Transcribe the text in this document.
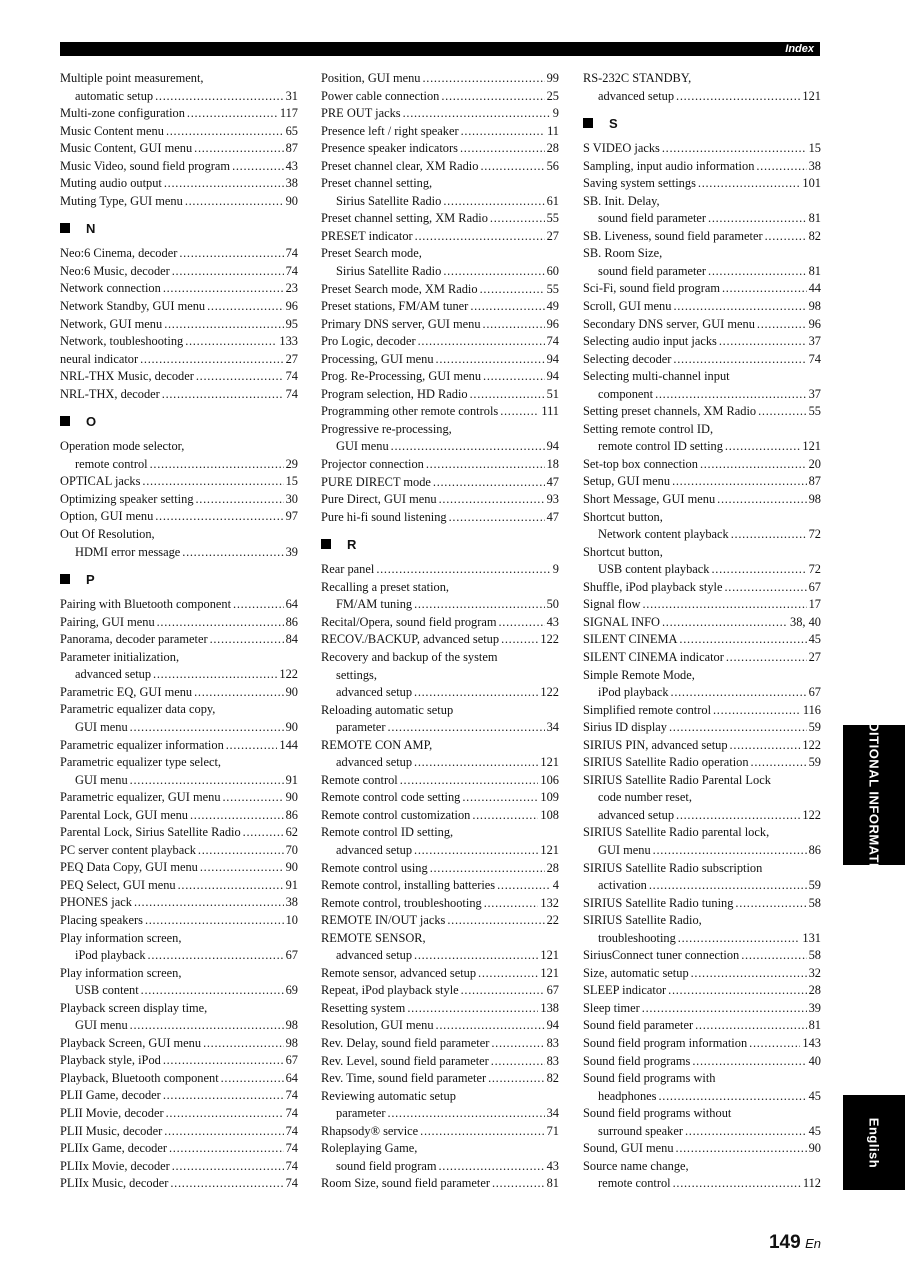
Index
Multiple point measurement,
automatic setup . . .	31
Multi-zone configuration . . .	117
Music Content menu . . .	65
Music Content, GUI menu . . .	87
Music Video, sound field program . . .	43
Muting audio output . . .	38
Muting Type, GUI menu . . .	90
N
Neo:6 Cinema, decoder . . .	74
Neo:6 Music, decoder . . .	74
Network connection . . .	23
Network Standby, GUI menu . . .	96
Network, GUI menu . . .	95
Network, toubleshooting . . .	133
neural indicator . . .	27
NRL-THX Music, decoder . . .	74
NRL-THX, decoder . . .	74
O
Operation mode selector,
remote control . . .	29
OPTICAL jacks . . .	15
Optimizing speaker setting . . .	30
Option, GUI menu . . .	97
Out Of Resolution,
HDMI error message . . .	39
P
Pairing with Bluetooth component . . .	64
Pairing, GUI menu . . .	86
Panorama, decoder parameter . . .	84
Parameter initialization,
advanced setup . . .	122
Parametric EQ, GUI menu . . .	90
Parametric equalizer data copy,
GUI menu . . .	90
Parametric equalizer information . . .	144
Parametric equalizer type select,
GUI menu . . .	91
Parametric equalizer, GUI menu . . .	90
Parental Lock, GUI menu . . .	86
Parental Lock, Sirius Satellite Radio . . .	62
PC server content playback . . .	70
PEQ Data Copy, GUI menu . . .	90
PEQ Select, GUI menu . . .	91
PHONES jack . . .	38
Placing speakers . . .	10
Play information screen,
iPod playback . . .	67
Play information screen,
USB content . . .	69
Playback screen display time,
GUI menu . . .	98
Playback Screen, GUI menu . . .	98
Playback style, iPod . . .	67
Playback, Bluetooth component . . .	64
PLII Game, decoder . . .	74
PLII Movie, decoder . . .	74
PLII Music, decoder . . .	74
PLIIx Game, decoder . . .	74
PLIIx Movie, decoder . . .	74
PLIIx Music, decoder . . .	74
Position, GUI menu . . .	99
Power cable connection . . .	25
PRE OUT jacks . . .	9
Presence left / right speaker . . .	11
Presence speaker indicators . . .	28
Preset channel clear, XM Radio . . .	56
Preset channel setting,
Sirius Satellite Radio . . .	61
Preset channel setting, XM Radio . . .	55
PRESET indicator . . .	27
Preset Search mode,
Sirius Satellite Radio . . .	60
Preset Search mode, XM Radio . . .	55
Preset stations, FM/AM tuner . . .	49
Primary DNS server, GUI menu . . .	96
Pro Logic, decoder . . .	74
Processing, GUI menu . . .	94
Prog. Re-Processing, GUI menu . . .	94
Program selection, HD Radio . . .	51
Programming other remote controls . . .	111
Progressive re-processing,
GUI menu . . .	94
Projector connection . . .	18
PURE DIRECT mode . . .	47
Pure Direct, GUI menu . . .	93
Pure hi-fi sound listening . . .	47
R
Rear panel . . .	9
Recalling a preset station,
FM/AM tuning . . .	50
Recital/Opera, sound field program . . .	43
RECOV./BACKUP, advanced setup . . .	122
Recovery and backup of the system
settings,
advanced setup . . .	122
Reloading automatic setup
parameter . . .	34
REMOTE CON AMP,
advanced setup . . .	121
Remote control . . .	106
Remote control code setting . . .	109
Remote control customization . . .	108
Remote control ID setting,
advanced setup . . .	121
Remote control using . . .	28
Remote control, installing batteries . . .	4
Remote control, troubleshooting . . .	132
REMOTE IN/OUT jacks . . .	22
REMOTE SENSOR,
advanced setup . . .	121
Remote sensor, advanced setup . . .	121
Repeat, iPod playback style . . .	67
Resetting system . . .	138
Resolution, GUI menu . . .	94
Rev. Delay, sound field parameter . . .	83
Rev. Level, sound field parameter . . .	83
Rev. Time, sound field parameter . . .	82
Reviewing automatic setup
parameter . . .	34
Rhapsody® service . . .	71
Roleplaying Game,
sound field program . . .	43
Room Size, sound field parameter . . .	81
RS-232C STANDBY,
advanced setup . . .	121
S
S VIDEO jacks . . .	15
Sampling, input audio information . . .	38
Saving system settings . . .	101
SB. Init. Delay,
sound field parameter . . .	81
SB. Liveness, sound field parameter . . .	82
SB. Room Size,
sound field parameter . . .	81
Sci-Fi, sound field program . . .	44
Scroll, GUI menu . . .	98
Secondary DNS server, GUI menu . . .	96
Selecting audio input jacks . . .	37
Selecting decoder . . .	74
Selecting multi-channel input
component . . .	37
Setting preset channels, XM Radio . . .	55
Setting remote control ID,
remote control ID setting . . .	121
Set-top box connection . . .	20
Setup, GUI menu . . .	87
Short Message, GUI menu . . .	98
Shortcut button,
Network content playback . . .	72
Shortcut button,
USB content playback . . .	72
Shuffle, iPod playback style . . .	67
Signal flow . . .	17
SIGNAL INFO . . .	38, 40
SILENT CINEMA . . .	45
SILENT CINEMA indicator . . .	27
Simple Remote Mode,
iPod playback . . .	67
Simplified remote control . . .	116
Sirius ID display . . .	59
SIRIUS PIN, advanced setup . . .	122
SIRIUS Satellite Radio operation . . .	59
SIRIUS Satellite Radio Parental Lock
code number reset,
advanced setup . . .	122
SIRIUS Satellite Radio parental lock,
GUI menu . . .	86
SIRIUS Satellite Radio subscription
activation . . .	59
SIRIUS Satellite Radio tuning . . .	58
SIRIUS Satellite Radio,
troubleshooting . . .	131
SiriusConnect tuner connection . . .	58
Size, automatic setup . . .	32
SLEEP indicator . . .	28
Sleep timer . . .	39
Sound field parameter . . .	81
Sound field program information . . .	143
Sound field programs . . .	40
Sound field programs with
headphones . . .	45
Sound field programs without
surround speaker . . .	45
Sound, GUI menu . . .	90
Source name change,
remote control . . .	112
ADDITIONAL INFORMATION
English
149 En
